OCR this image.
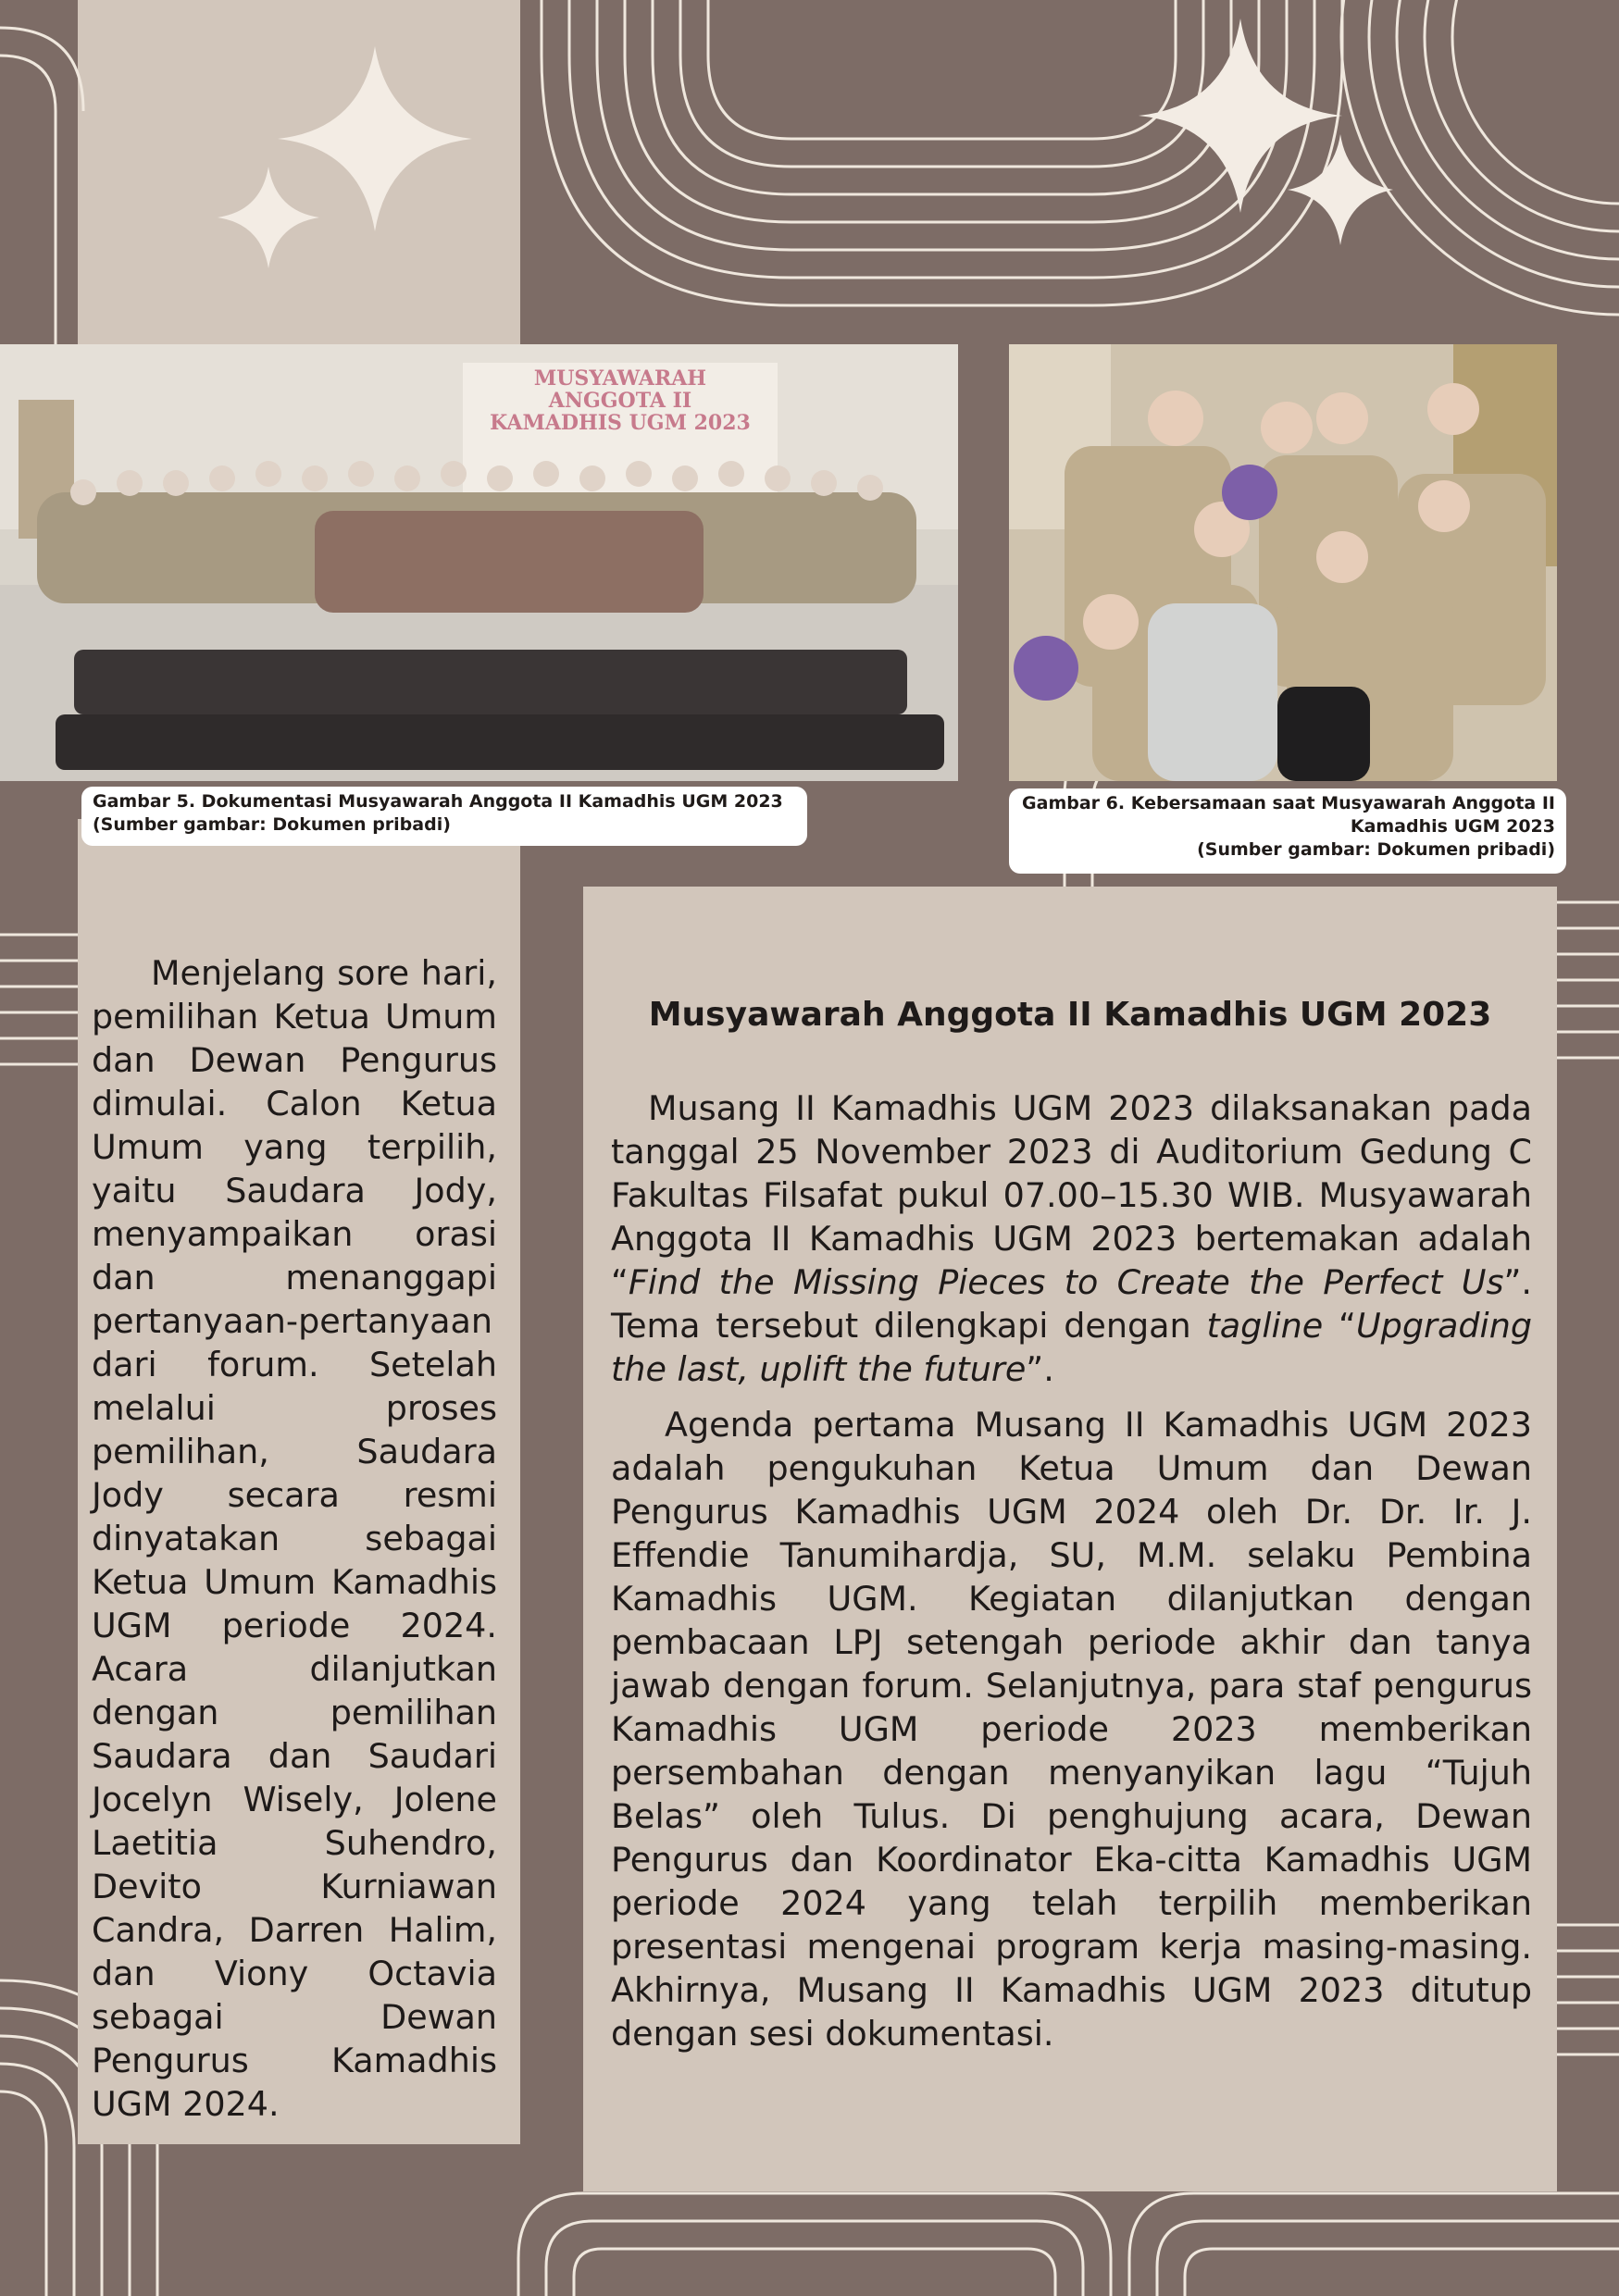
MUSYAWARAH ANGGOTA II
KAMADHIS UGM 2023
Gambar 5. Dokumentasi Musyawarah Anggota II Kamadhis UGM 2023
(Sumber gambar: Dokumen pribadi)
Gambar 6. Kebersamaan saat Musyawarah Anggota II
Kamadhis UGM 2023
(Sumber gambar: Dokumen pribadi)

Menjelang sore hari, pemilihan Ketua Umum dan Dewan Pengurus dimulai. Calon Ketua Umum yang terpilih, yaitu Saudara Jody, menyampaikan orasi dan menanggapi pertanyaan-pertanyaan dari forum. Setelah melalui proses pemilihan, Saudara Jody secara resmi dinyatakan sebagai Ketua Umum Kamadhis UGM periode 2024. Acara dilanjutkan dengan pemilihan Saudara dan Saudari Jocelyn Wisely, Jolene Laetitia Suhendro, Devito Kurniawan Candra, Darren Halim, dan Viony Octavia sebagai Dewan Pengurus Kamadhis UGM 2024.

Musyawarah Anggota II Kamadhis UGM 2023

Musang II Kamadhis UGM 2023 dilaksanakan pada tanggal 25 November 2023 di Auditorium Gedung C Fakultas Filsafat pukul 07.00–15.30 WIB. Musyawarah Anggota II Kamadhis UGM 2023 bertemakan adalah “Find the Missing Pieces to Create the Perfect Us”. Tema tersebut dilengkapi dengan tagline “Upgrading the last, uplift the future”.

Agenda pertama Musang II Kamadhis UGM 2023 adalah pengukuhan Ketua Umum dan Dewan Pengurus Kamadhis UGM 2024 oleh Dr. Dr. Ir. J. Effendie Tanumihardja, SU, M.M. selaku Pembina Kamadhis UGM. Kegiatan dilanjutkan dengan pembacaan LPJ setengah periode akhir dan tanya jawab dengan forum. Selanjutnya, para staf pengurus Kamadhis UGM periode 2023 memberikan persembahan dengan menyanyikan lagu “Tujuh Belas” oleh Tulus. Di penghujung acara, Dewan Pengurus dan Koordinator Eka-citta Kamadhis UGM periode 2024 yang telah terpilih memberikan presentasi mengenai program kerja masing-masing. Akhirnya, Musang II Kamadhis UGM 2023 ditutup dengan sesi dokumentasi.
